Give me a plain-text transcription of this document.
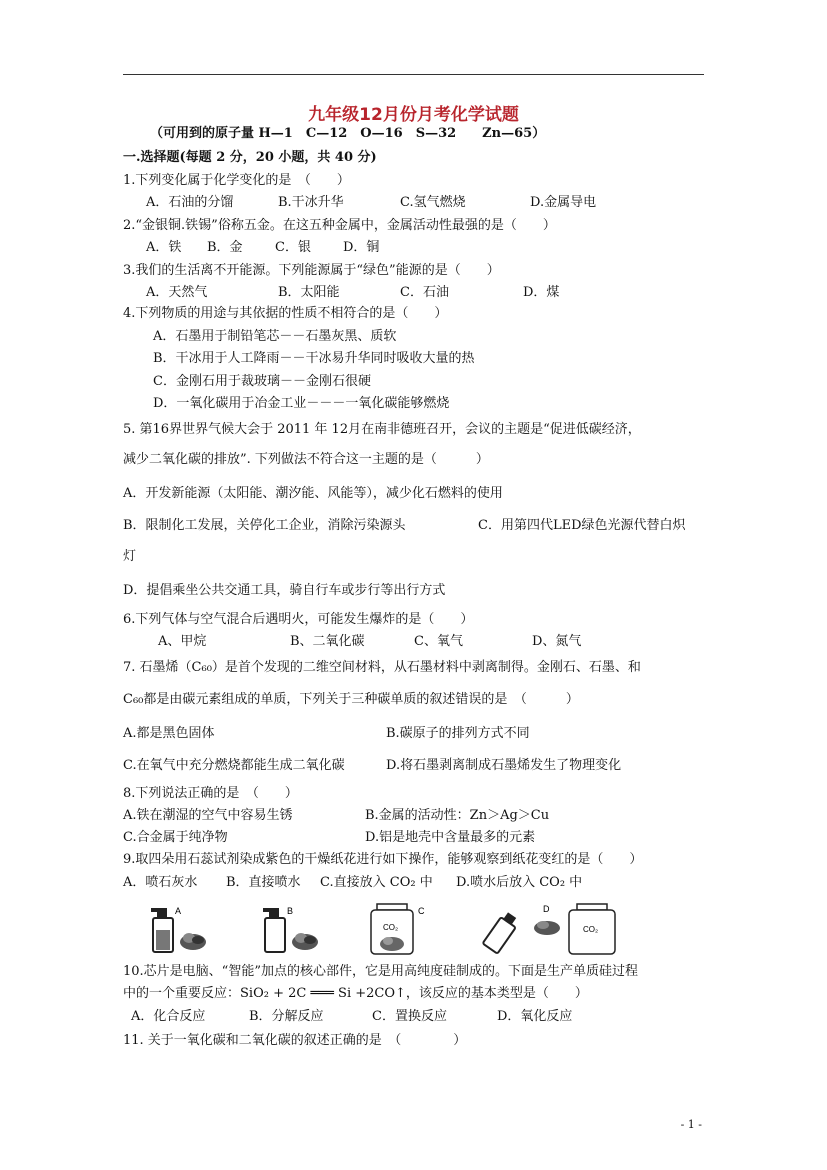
九年级12月份月考化学试题
（可用到的原子量 H—1　C—12　O—16　S—32　　Zn—65）
一.选择题(每题 2 分，20 小题，共 40 分)
1.下列变化属于化学变化的是　（　　）
A．石油的分馏	B.干冰升华	C.氢气燃烧	D.金属导电
2.“金银铜.铁锡”俗称五金。在这五种金属中，金属活动性最强的是（　　）
A．铁 B．金 C．银 D．铜
3.我们的生活离不开能源。下列能源属于“绿色”能源的是（　　）
A．天然气	B．太阳能	C．石油	D．煤
4.下列物质的用途与其依据的性质不相符合的是（　　）
A．石墨用于制铅笔芯－－石墨灰黑、质软
B．干冰用于人工降雨－－干冰易升华同时吸收大量的热
C．金刚石用于裁玻璃－－金刚石很硬
D．一氧化碳用于冶金工业－－－一氧化碳能够燃烧
5. 第16界世界气候大会于 2011 年 12月在南非德班召开，会议的主题是“促进低碳经济，
减少二氧化碳的排放”. 下列做法不符合这一主题的是（　　　）
A．开发新能源（太阳能、潮汐能、风能等），减少化石燃料的使用
B．限制化工发展，关停化工企业，消除污染源头	C．用第四代LED绿色光源代替白炽
灯
D．提倡乘坐公共交通工具，骑自行车或步行等出行方式
6.下列气体与空气混合后遇明火，可能发生爆炸的是（　　）
A、甲烷	B、二氧化碳	C、氧气	D、氮气
7. 石墨烯（C₆₀）是首个发现的二维空间材料，从石墨材料中剥离制得。金刚石、石墨、和
C₆₀都是由碳元素组成的单质，下列关于三种碳单质的叙述错误的是　（　　　）
A.都是黑色固体	B.碳原子的排列方式不同
C.在氧气中充分燃烧都能生成二氧化碳	D.将石墨剥离制成石墨烯发生了物理变化
8.下列说法正确的是　（　　）
A.铁在潮湿的空气中容易生锈	B.金属的活动性：Zn＞Ag＞Cu
C.合金属于纯净物	D.铝是地壳中含量最多的元素
9.取四朵用石蕊试剂染成紫色的干燥纸花进行如下操作，能够观察到纸花变红的是（　　）
A．喷石灰水 B．直接喷水 C.直接放入 CO₂ 中 D.喷水后放入 CO₂ 中
A	B
CO₂
C	D
CO₂
10.芯片是电脑、“智能”加点的核心部件，它是用高纯度硅制成的。下面是生产单质硅过程
中的一个重要反应：SiO₂ + 2C ═══ Si +2CO↑，该反应的基本类型是（　　）
A．化合反应	B．分解反应	C．置换反应	D．氧化反应
11. 关于一氧化碳和二氧化碳的叙述正确的是　（　　　　）
- 1 -
